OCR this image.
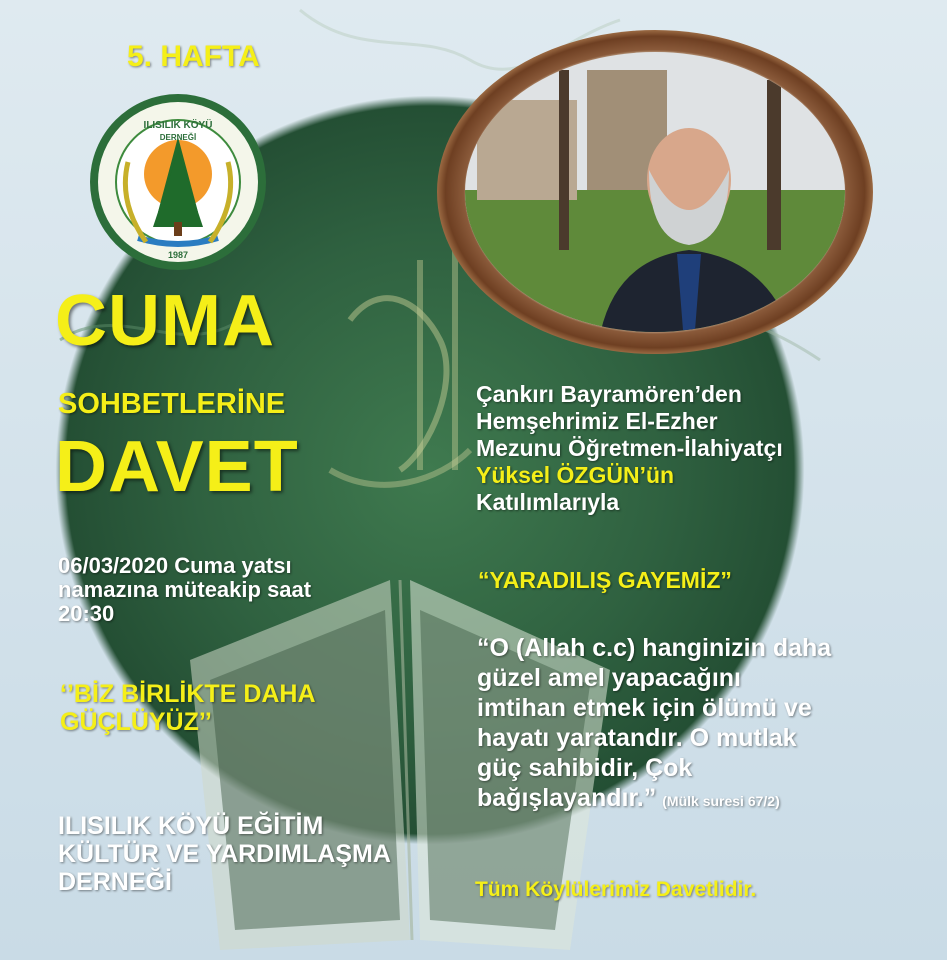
ILISILIK KÖYÜ
DERNEĞİ
1987

5. HAFTA

CUMA

SOHBETLERİNE

DAVET

06/03/2020 Cuma yatsı
namazına müteakip saat
20:30

‘’BİZ BİRLİKTE DAHA
GÜÇLÜYÜZ’’

ILISILIK KÖYÜ EĞİTİM
KÜLTÜR VE YARDIMLAŞMA
DERNEĞİ

Çankırı Bayramören’den
Hemşehrimiz El-Ezher
Mezunu Öğretmen-İlahiyatçı
Yüksel ÖZGÜN’ün
Katılımlarıyla

“YARADILIŞ GAYEMİZ”

“O (Allah c.c) hanginizin daha
güzel amel yapacağını
imtihan etmek için ölümü ve
hayatı yaratandır. O mutlak
güç sahibidir, Çok
bağışlayandır.” (Mülk suresi 67/2)

Tüm Köylülerimiz Davetlidir.
